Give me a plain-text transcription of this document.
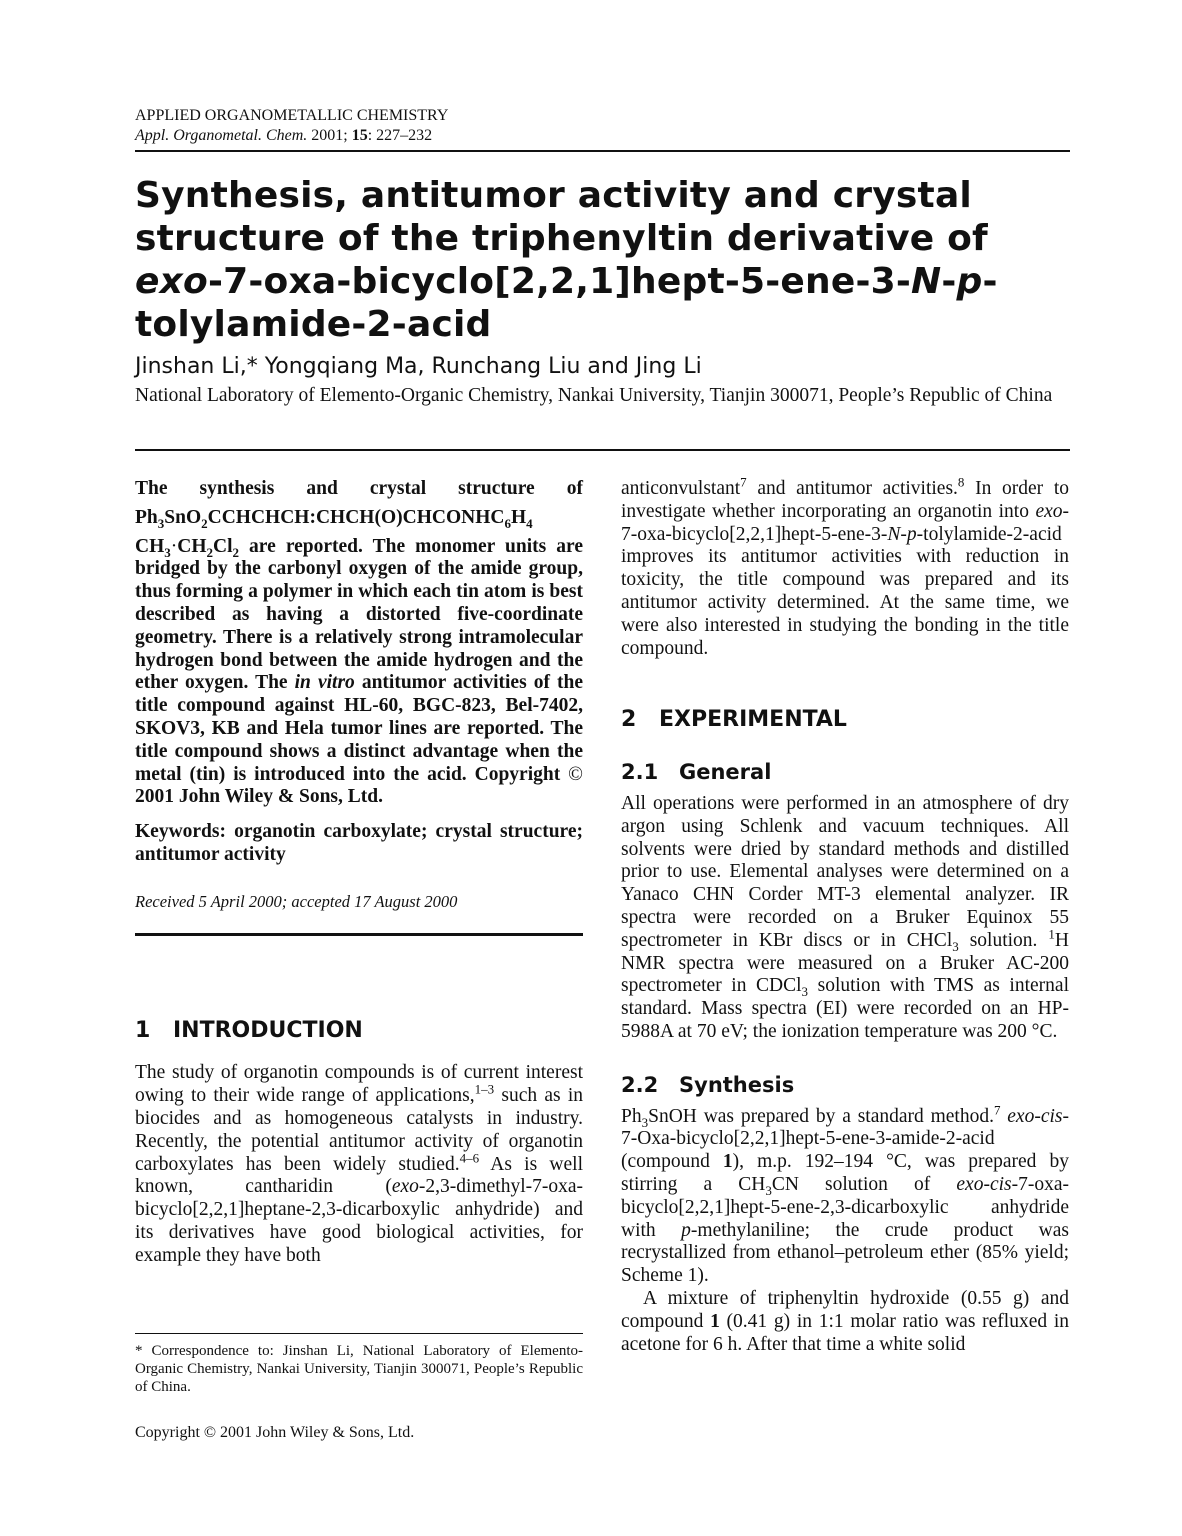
APPLIED ORGANOMETALLIC CHEMISTRY
Appl. Organometal. Chem. 2001; 15: 227–232
Synthesis, antitumor activity and crystal
structure of the triphenyltin derivative of
exo-7-oxa-bicyclo[2,2,1]hept-5-ene-3-N-p-
tolylamide-2-acid
Jinshan Li,* Yongqiang Ma, Runchang Liu and Jing Li
National Laboratory of Elemento-Organic Chemistry, Nankai University, Tianjin 300071, People’s Republic of China

The synthesis and crystal structure of

$Ph_3SnO_2CCHCHCH:CHCH(O)CHCONHC_6H_4$

$CH_3\cdot CH_2Cl_2$ are reported. The monomer units are bridged by the carbonyl oxygen of the amide group, thus forming a polymer in which each tin atom is best described as having a distorted five-coordinate geometry. There is a relatively strong intramolecular hydrogen bond between the amide hydrogen and the ether oxygen. The in vitro antitumor activities of the title compound against HL-60, BGC-823, Bel-7402, SKOV3, KB and Hela tumor lines are reported. The title compound shows a distinct advantage when the metal (tin) is introduced into the acid. Copyright © 2001 John Wiley & Sons, Ltd.

Keywords: organotin carboxylate; crystal structure; antitumor activity

Received 5 April 2000; accepted 17 August 2000

1 INTRODUCTION

The study of organotin compounds is of current interest owing to their wide range of applications,$^{1-3}$ such as in biocides and as homogeneous catalysts in industry. Recently, the potential antitumor activity of organotin carboxylates has been widely studied.$^{4-6}$ As is well known, cantharidin (exo-2,3-dimethyl-7-oxa-bicyclo[2,2,1]heptane-2,3-dicarboxylic anhydride) and its derivatives have good biological activities, for example they have both

* Correspondence to: Jinshan Li, National Laboratory of Elemento-Organic Chemistry, Nankai University, Tianjin 300071, People’s Republic of China.

Copyright © 2001 John Wiley & Sons, Ltd.

anticonvulstant$^7$ and antitumor activities.$^8$ In order to investigate whether incorporating an organotin into exo-7-oxa-bicyclo[2,2,1]hept-5-ene-3-N-p-tolylamide-2-acid improves its antitumor activities with reduction in toxicity, the title compound was prepared and its antitumor activity determined. At the same time, we were also interested in studying the bonding in the title compound.

2 EXPERIMENTAL
2.1 General

All operations were performed in an atmosphere of dry argon using Schlenk and vacuum techniques. All solvents were dried by standard methods and distilled prior to use. Elemental analyses were determined on a Yanaco CHN Corder MT-3 elemental analyzer. IR spectra were recorded on a Bruker Equinox 55 spectrometer in KBr discs or in CHCl$_3$ solution. $^1$H NMR spectra were measured on a Bruker AC-200 spectrometer in CDCl$_3$ solution with TMS as internal standard. Mass spectra (EI) were recorded on an HP-5988A at 70 eV; the ionization temperature was 200 °C.

2.2 Synthesis

$Ph_3SnOH$ was prepared by a standard method.$^7$ exo-cis-7-Oxa-bicyclo[2,2,1]hept-5-ene-3-amide-2-acid (compound 1), m.p. 192–194 °C, was prepared by stirring a $CH_3CN$ solution of exo-cis-7-oxa-bicyclo[2,2,1]hept-5-ene-2,3-dicarboxylic anhydride with p-methylaniline; the crude product was recrystallized from ethanol–petroleum ether (85% yield; Scheme 1).

A mixture of triphenyltin hydroxide (0.55 g) and compound 1 (0.41 g) in 1:1 molar ratio was refluxed in acetone for 6 h. After that time a white solid
